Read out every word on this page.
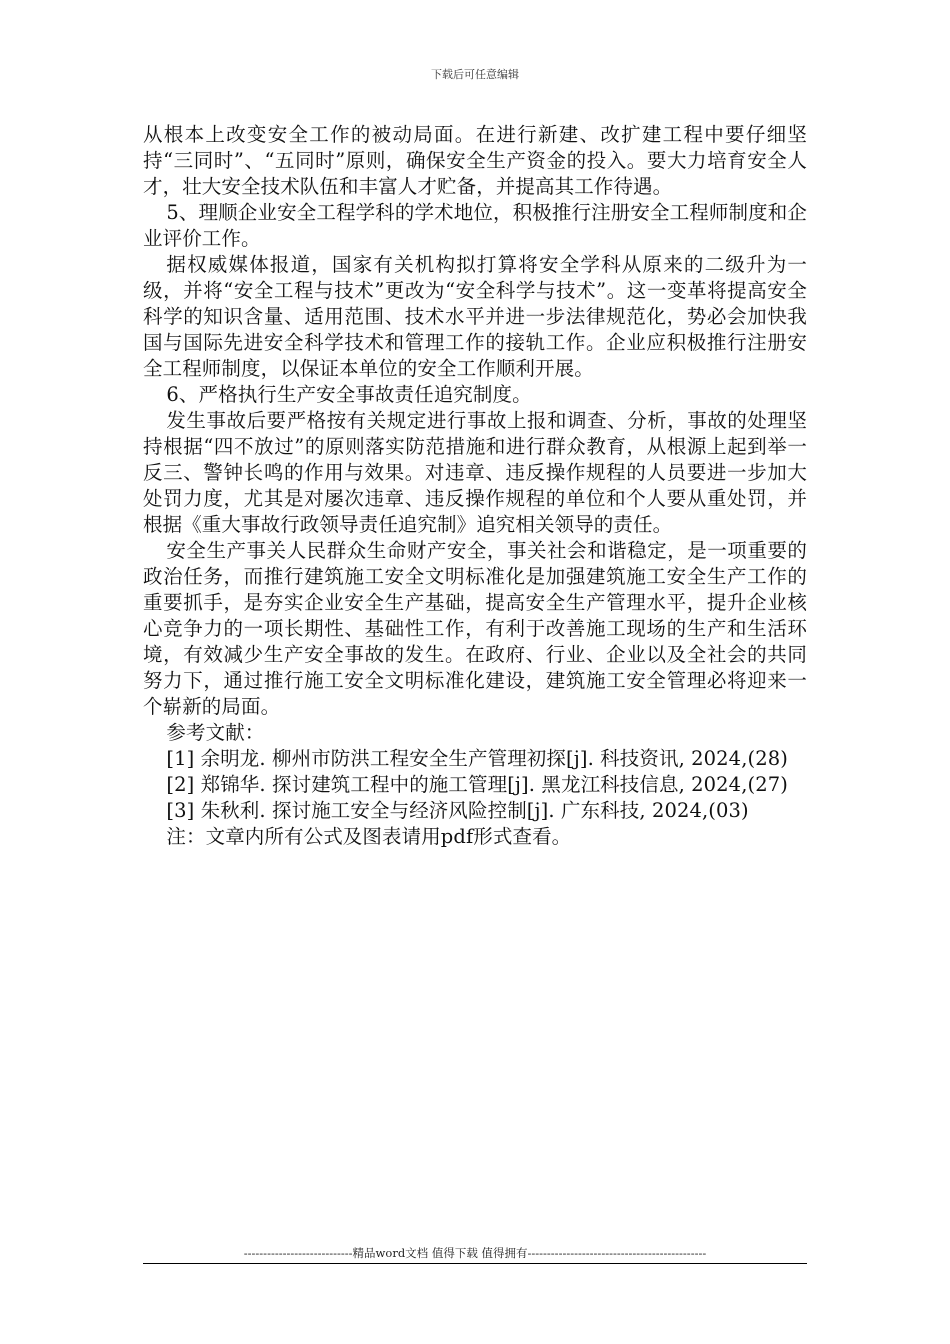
下载后可任意编辑

从根本上改变安全工作的被动局面。在进行新建、改扩建工程中要仔细坚持“三同时”、“五同时”原则，确保安全生产资金的投入。要大力培育安全人才，壮大安全技术队伍和丰富人才贮备，并提高其工作待遇。

5、理顺企业安全工程学科的学术地位，积极推行注册安全工程师制度和企业评价工作。

据权威媒体报道，国家有关机构拟打算将安全学科从原来的二级升为一级，并将“安全工程与技术”更改为“安全科学与技术”。这一变革将提高安全科学的知识含量、适用范围、技术水平并进一步法律规范化，势必会加快我国与国际先进安全科学技术和管理工作的接轨工作。企业应积极推行注册安全工程师制度，以保证本单位的安全工作顺利开展。

6、严格执行生产安全事故责任追究制度。

发生事故后要严格按有关规定进行事故上报和调查、分析，事故的处理坚持根据“四不放过”的原则落实防范措施和进行群众教育，从根源上起到举一反三、警钟长鸣的作用与效果。对违章、违反操作规程的人员要进一步加大处罚力度，尤其是对屡次违章、违反操作规程的单位和个人要从重处罚，并根据《重大事故行政领导责任追究制》追究相关领导的责任。

安全生产事关人民群众生命财产安全，事关社会和谐稳定，是一项重要的政治任务，而推行建筑施工安全文明标准化是加强建筑施工安全生产工作的重要抓手，是夯实企业安全生产基础，提高安全生产管理水平，提升企业核心竞争力的一项长期性、基础性工作，有利于改善施工现场的生产和生活环境，有效减少生产安全事故的发生。在政府、行业、企业以及全社会的共同努力下，通过推行施工安全文明标准化建设，建筑施工安全管理必将迎来一个崭新的局面。

参考文献：

[1] 余明龙. 柳州市防洪工程安全生产管理初探[j]. 科技资讯, 2024,(28)

[2] 郑锦华. 探讨建筑工程中的施工管理[j]. 黑龙江科技信息, 2024,(27)

[3] 朱秋利. 探讨施工安全与经济风险控制[j]. 广东科技, 2024,(03)

注：文章内所有公式及图表请用pdf形式查看。

----------------------------精品word文档 值得下载 值得拥有----------------------------------------------
